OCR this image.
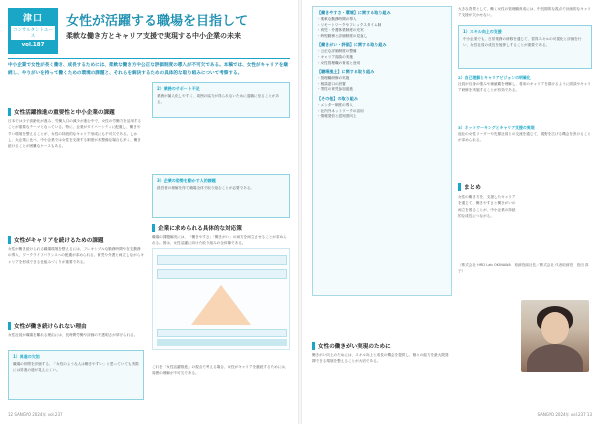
津口
コンサルタントエース
vol.187
女性が活躍する職場を目指して
柔軟な働き方とキャリア支援で実現する中小企業の未来
中小企業で女性が長く働き、成長するためには、柔軟な働き方や公正な評価制度の導入が不可欠である。本稿では、女性がキャリアを継続し、やりがいを持って働くための環境の課題と、それらを解決するための具体的な取り組みについて考察する。
女性活躍推進の重要性と中小企業の課題
日本では少子高齢化が進み、労働人口の減少が進む中で、女性の労働力を活用することが重要なテーマとなっている。特に、企業がダイバーシティに配慮し、働きやすい環境を整えることが、女性の持続的なキャリア形成にも不可欠である。しかし、大企業に比べ、中小企業では女性を支援する制度が未整備な場合も多く、働き続けることが困難なケースもある。
女性がキャリアを続けるための課題
女性が働き続けられる職場環境を整えるには、フレキシブルな勤務時間や在宅勤務の導入、ワークライフバランスへの配慮が求められる。育児や介護と両立しながらキャリアを形成できる仕組みづくりが重要である。
女性が働き続けられない理由
女性社員が職場を離れる理由には、長時間労働や評価の不透明さが挙げられる。
1）昇進の欠如
職場の仲間を評価する、「女性のような人は働きやすい」と思っていても実際には昇進の道が見えにくい。
2）業務のサポート不足
業務が属人化しやすく、周囲の協力が得られないために退職に至ることがある。
3）企業の姿勢を動かす人的課題
経営者の理解を得て職場全体で取り組むことが必要である。
企業に求められる具体的な対応策
職場の課題解決には、「働きやすさ」「働きがい」の両方を両立させることが求められる。図は、女性活躍に向けた取り組みの全体像である。
これを「女性活躍推進」の視点で考える場合、女性がキャリアを継続するためには、周囲の理解が不可欠である。
12 SANGYO 2024年 vol.237
【働きやすさ・環境】に関する取り組み
・柔軟な勤務時間の導入
・リモートワークやフレックスタイム制
・育児・介護休業制度の充実
・時短勤務と評価制度の見直し
【働きがい・評価】に関する取り組み
・公正な評価制度の整備
・キャリア面談の実施
・女性管理職の育成と登用
【職場風土】に関する取り組み
・管理職研修の実施
・相談窓口の設置
・男性の育児参加促進
【その他】の取り組み
・メンター制度の導入
・社内外ネットワークの活用
・情報発信と認知度向上
女性の働きがい実現のために
働きがい向上のためには、スキル向上と成長の機会を提供し、個々の能力を最大限発揮できる環境を整えることが大切である。
大きな背景として、働く女性の管理職育成には、中長期的な視点で計画的なキャリア支援が欠かせない。
1）スキル向上の支援
中小企業でも、日常業務の研修を通じて、習得スキルの可視化と評価を行い、女性社員の成長を後押しすることが重要である。
2）自己理解とキャリアビジョンの明確化
社員が自身の強みや価値観を理解し、将来のキャリアを描けるように面談やキャリア研修を実施することが有効である。
3）ネットワーキングとキャリア支援の実現
他社の女性リーダーや先輩社員との交流を通じて、視野を広げる機会を設けることが求められる。
まとめ
女性の働き方を、支援したキャリアを通じて、働きやすさと働きがいの両立を図ることが、中小企業の持続的な成長につながる。
（株式会社 HRD Lab OKINAWA　取締役副社長／株式会社 代表取締役　島田 真子）
SANGYO 2024年 vol.237 13
